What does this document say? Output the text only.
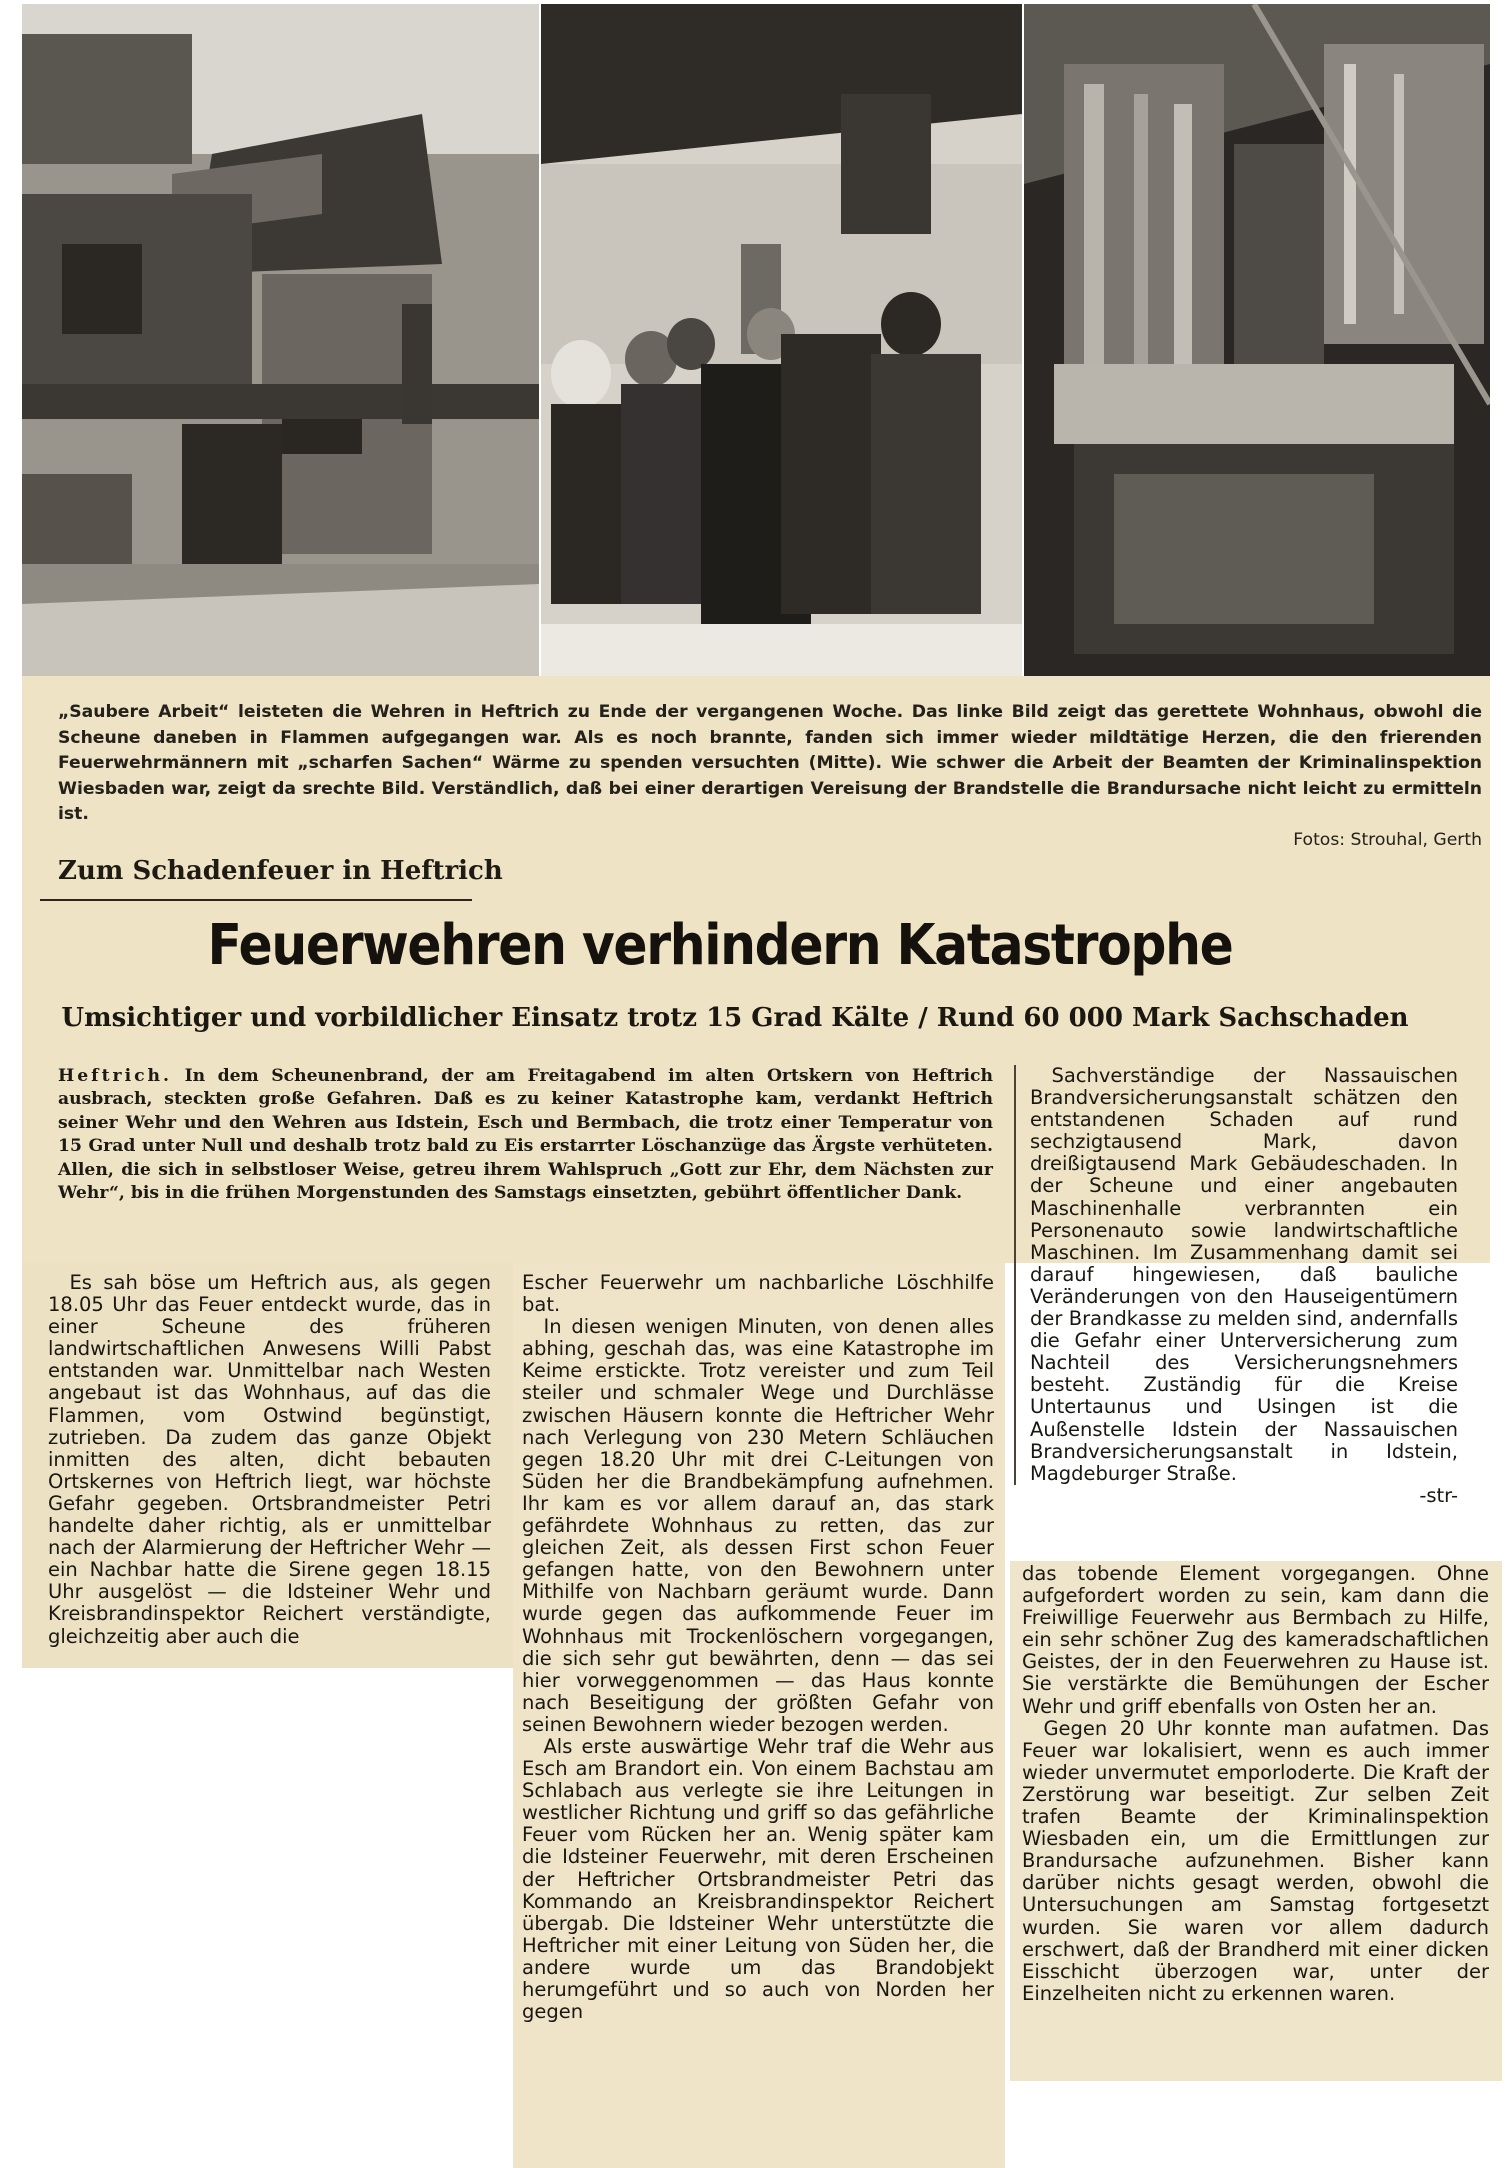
„Saubere Arbeit“ leisteten die Wehren in Heftrich zu Ende der vergangenen Woche. Das linke Bild zeigt das gerettete Wohnhaus, obwohl die Scheune daneben in Flammen aufgegangen war. Als es noch brannte, fanden sich immer wieder mildtätige Herzen, die den frierenden Feuerwehrmännern mit „scharfen Sachen“ Wärme zu spenden versuchten (Mitte). Wie schwer die Arbeit der Beamten der Kriminalinspektion Wiesbaden war, zeigt da srechte Bild. Verständlich, daß bei einer derartigen Vereisung der Brandstelle die Brandursache nicht leicht zu ermitteln ist.
Fotos: Strouhal, Gerth
Zum Schadenfeuer in Heftrich
Feuerwehren verhindern Katastrophe
Umsichtiger und vorbildlicher Einsatz trotz 15 Grad Kälte / Rund 60 000 Mark Sachschaden
Heftrich. In dem Scheunenbrand, der am Freitagabend im alten Ortskern von Heftrich ausbrach, steckten große Gefahren. Daß es zu keiner Katastrophe kam, verdankt Heftrich seiner Wehr und den Wehren aus Idstein, Esch und Bermbach, die trotz einer Temperatur von 15 Grad unter Null und deshalb trotz bald zu Eis erstarrter Löschanzüge das Ärgste verhüteten. Allen, die sich in selbstloser Weise, getreu ihrem Wahlspruch „Gott zur Ehr, dem Nächsten zur Wehr“, bis in die frühen Morgenstunden des Samstags einsetzten, gebührt öffentlicher Dank.

Sachverständige der Nassauischen Brandversicherungsanstalt schätzen den entstandenen Schaden auf rund sechzigtausend Mark, davon dreißigtausend Mark Gebäudeschaden. In der Scheune und einer angebauten Maschinenhalle verbrannten ein Personenauto sowie landwirtschaftliche Maschinen. Im Zusammenhang damit sei darauf hingewiesen, daß bauliche Veränderungen von den Hauseigentümern der Brandkasse zu melden sind, andernfalls die Gefahr einer Unterversicherung zum Nachteil des Versicherungsnehmers besteht. Zuständig für die Kreise Untertaunus und Usingen ist die Außenstelle Idstein der Nassauischen Brandversicherungsanstalt in Idstein, Magdeburger Straße.

-str-

Es sah böse um Heftrich aus, als gegen 18.05 Uhr das Feuer entdeckt wurde, das in einer Scheune des früheren landwirtschaftlichen Anwesens Willi Pabst entstanden war. Unmittelbar nach Westen angebaut ist das Wohnhaus, auf das die Flammen, vom Ostwind begünstigt, zutrieben. Da zudem das ganze Objekt inmitten des alten, dicht bebauten Ortskernes von Heftrich liegt, war höchste Gefahr gegeben. Ortsbrandmeister Petri handelte daher richtig, als er unmittelbar nach der Alarmierung der Heftricher Wehr — ein Nachbar hatte die Sirene gegen 18.15 Uhr ausgelöst — die Idsteiner Wehr und Kreisbrandinspektor Reichert verständigte, gleichzeitig aber auch die

Escher Feuerwehr um nachbarliche Löschhilfe bat.

In diesen wenigen Minuten, von denen alles abhing, geschah das, was eine Katastrophe im Keime erstickte. Trotz vereister und zum Teil steiler und schmaler Wege und Durchlässe zwischen Häusern konnte die Heftricher Wehr nach Verlegung von 230 Metern Schläuchen gegen 18.20 Uhr mit drei C-Leitungen von Süden her die Brandbekämpfung aufnehmen. Ihr kam es vor allem darauf an, das stark gefährdete Wohnhaus zu retten, das zur gleichen Zeit, als dessen First schon Feuer gefangen hatte, von den Bewohnern unter Mithilfe von Nachbarn geräumt wurde. Dann wurde gegen das aufkommende Feuer im Wohnhaus mit Trockenlöschern vorgegangen, die sich sehr gut bewährten, denn — das sei hier vorweggenommen — das Haus konnte nach Beseitigung der größten Gefahr von seinen Bewohnern wieder bezogen werden.

Als erste auswärtige Wehr traf die Wehr aus Esch am Brandort ein. Von einem Bachstau am Schlabach aus verlegte sie ihre Leitungen in westlicher Richtung und griff so das gefährliche Feuer vom Rücken her an. Wenig später kam die Idsteiner Feuerwehr, mit deren Erscheinen der Heftricher Ortsbrandmeister Petri das Kommando an Kreisbrandinspektor Reichert übergab. Die Idsteiner Wehr unterstützte die Heftricher mit einer Leitung von Süden her, die andere wurde um das Brandobjekt herumgeführt und so auch von Norden her gegen

das tobende Element vorgegangen. Ohne aufgefordert worden zu sein, kam dann die Freiwillige Feuerwehr aus Bermbach zu Hilfe, ein sehr schöner Zug des kameradschaftlichen Geistes, der in den Feuerwehren zu Hause ist. Sie verstärkte die Bemühungen der Escher Wehr und griff ebenfalls von Osten her an.

Gegen 20 Uhr konnte man aufatmen. Das Feuer war lokalisiert, wenn es auch immer wieder unvermutet emporloderte. Die Kraft der Zerstörung war beseitigt. Zur selben Zeit trafen Beamte der Kriminalinspektion Wiesbaden ein, um die Ermittlungen zur Brandursache aufzunehmen. Bisher kann darüber nichts gesagt werden, obwohl die Untersuchungen am Samstag fortgesetzt wurden. Sie waren vor allem dadurch erschwert, daß der Brandherd mit einer dicken Eisschicht überzogen war, unter der Einzelheiten nicht zu erkennen waren.
